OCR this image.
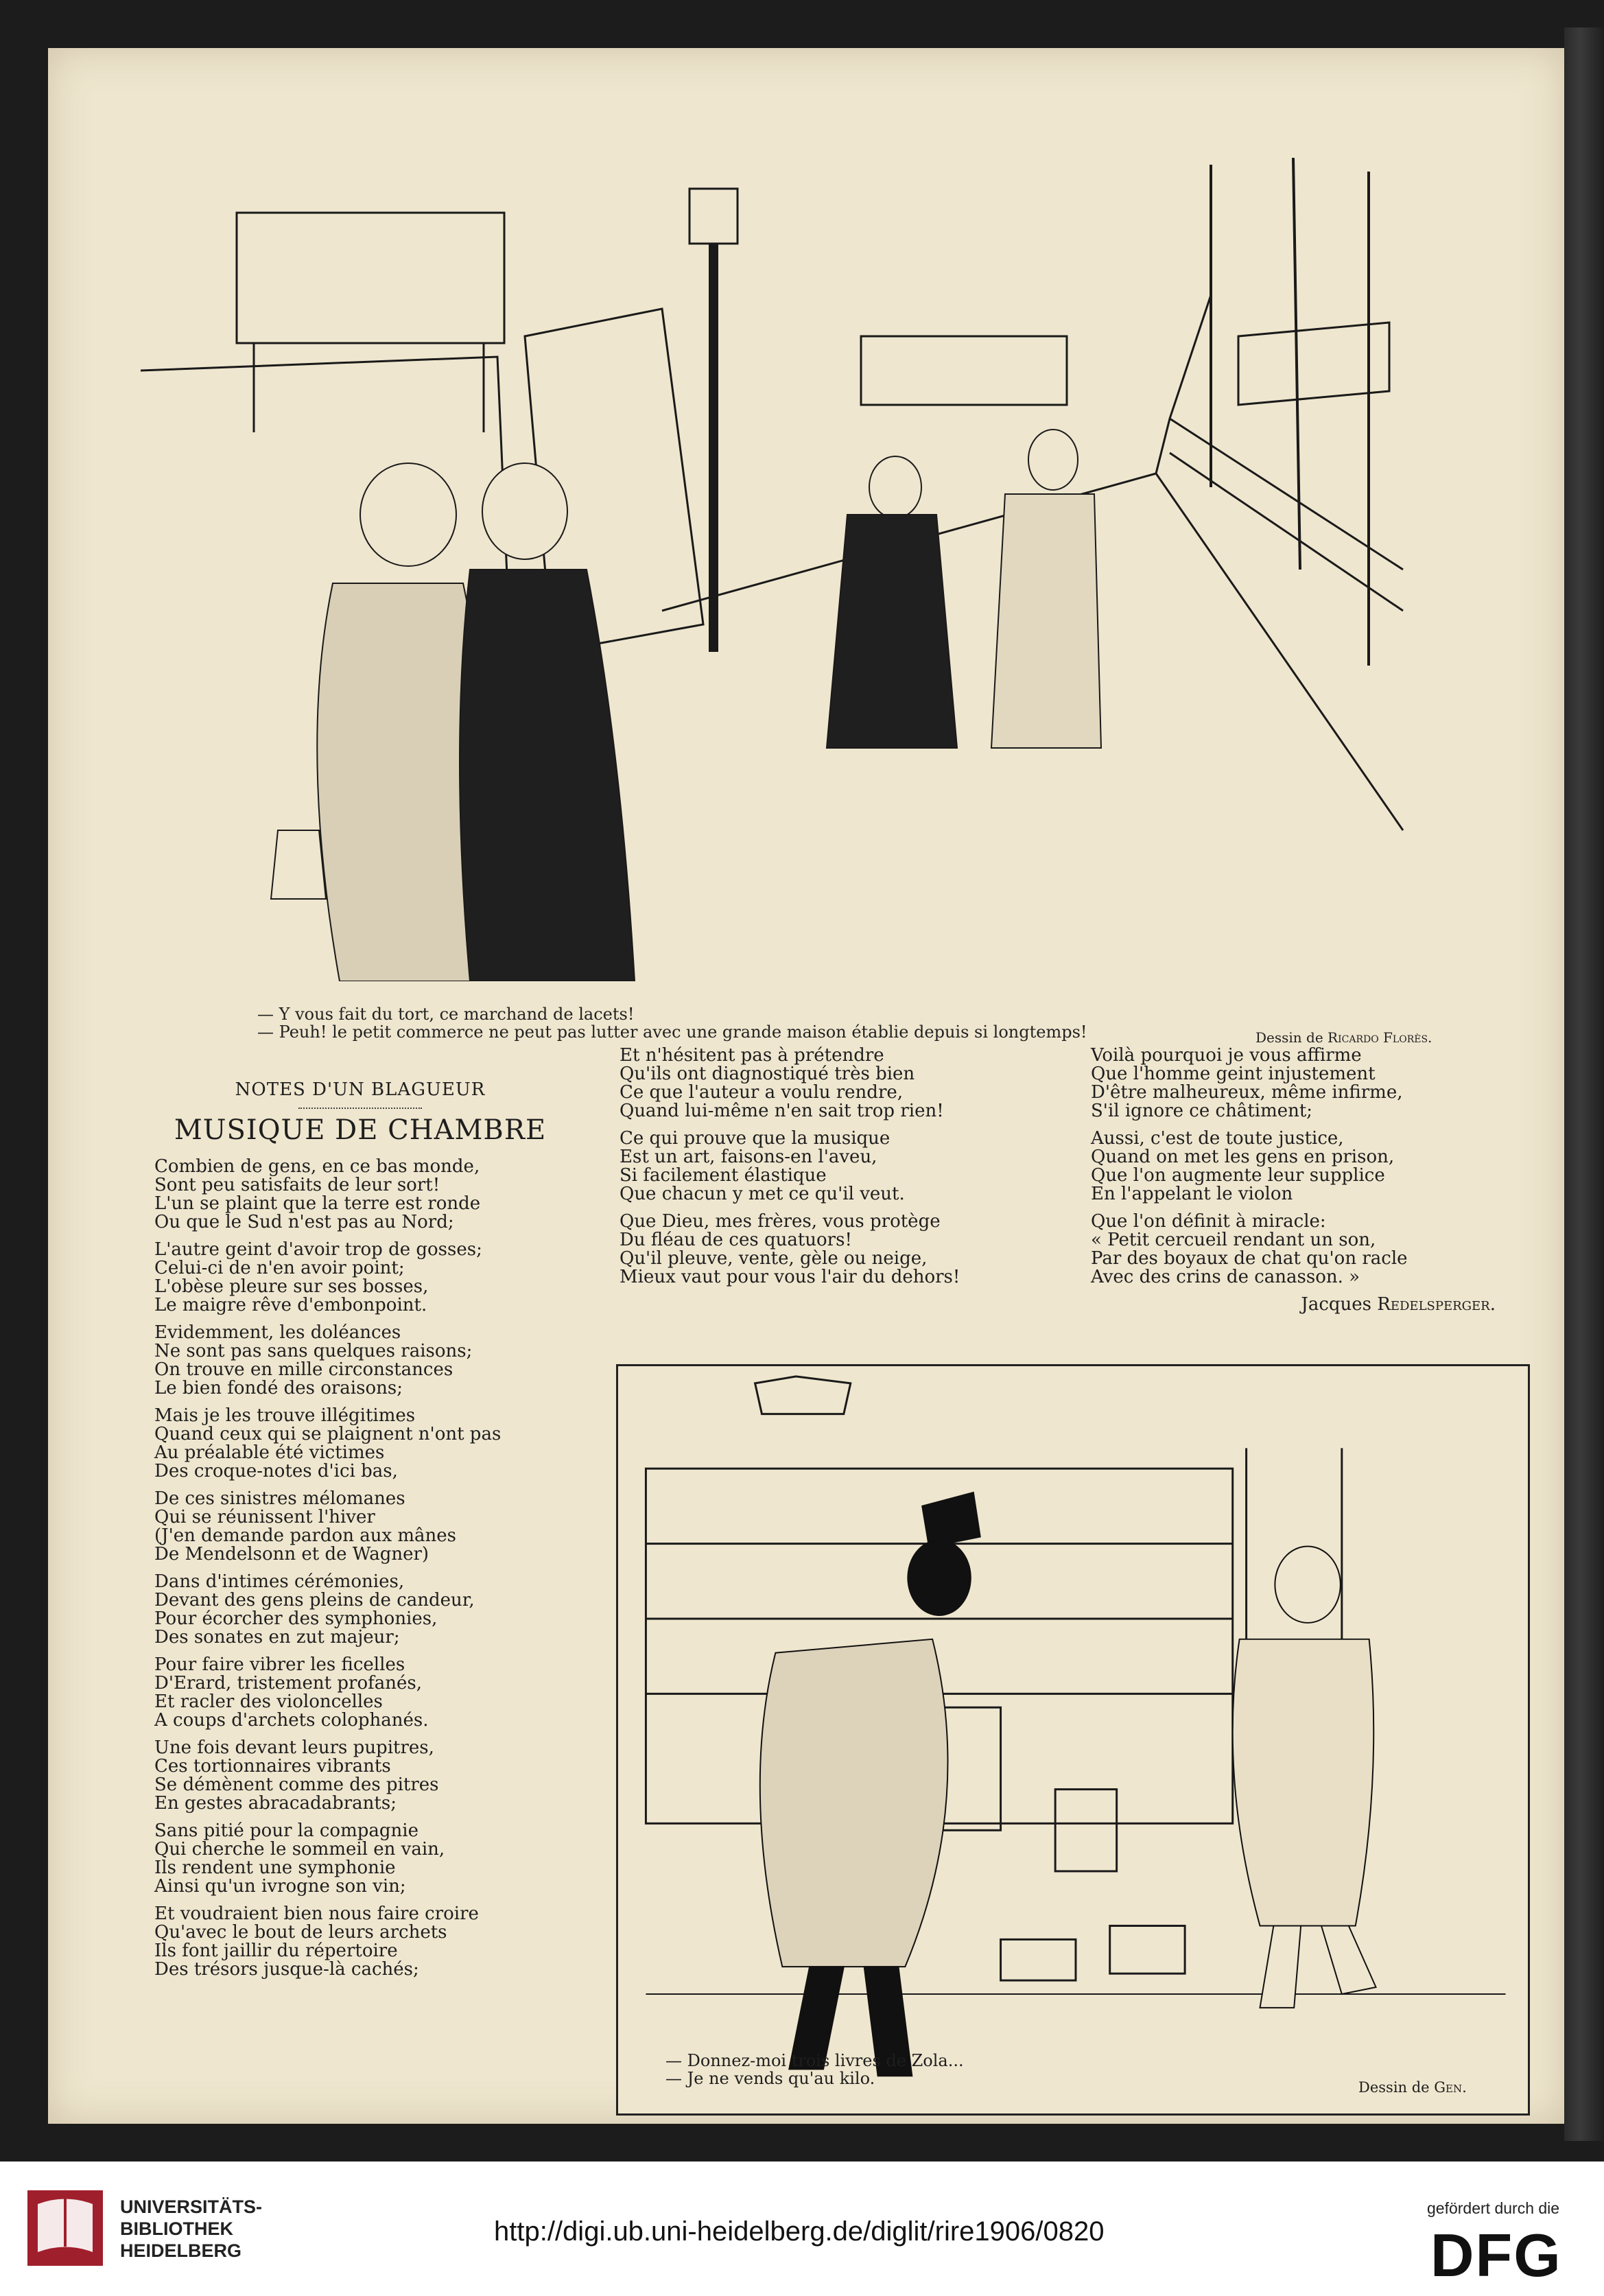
— Y vous fait du tort, ce marchand de lacets!
— Peuh! le petit commerce ne peut pas lutter avec une grande maison établie depuis si longtemps!	Dessin de Ricardo Florès.
NOTES D'UN BLAGUEUR
MUSIQUE DE CHAMBRE
Combien de gens, en ce bas monde,
Sont peu satisfaits de leur sort!
L'un se plaint que la terre est ronde
Ou que le Sud n'est pas au Nord;
L'autre geint d'avoir trop de gosses;
Celui-ci de n'en avoir point;
L'obèse pleure sur ses bosses,
Le maigre rêve d'embonpoint.
Evidemment, les doléances
Ne sont pas sans quelques raisons;
On trouve en mille circonstances
Le bien fondé des oraisons;
Mais je les trouve illégitimes
Quand ceux qui se plaignent n'ont pas
Au préalable été victimes
Des croque-notes d'ici bas,
De ces sinistres mélomanes
Qui se réunissent l'hiver
(J'en demande pardon aux mânes
De Mendelsonn et de Wagner)
Dans d'intimes cérémonies,
Devant des gens pleins de candeur,
Pour écorcher des symphonies,
Des sonates en zut majeur;
Pour faire vibrer les ficelles
D'Erard, tristement profanés,
Et racler des violoncelles
A coups d'archets colophanés.
Une fois devant leurs pupitres,
Ces tortionnaires vibrants
Se démènent comme des pitres
En gestes abracadabrants;
Sans pitié pour la compagnie
Qui cherche le sommeil en vain,
Ils rendent une symphonie
Ainsi qu'un ivrogne son vin;
Et voudraient bien nous faire croire
Qu'avec le bout de leurs archets
Ils font jaillir du répertoire
Des trésors jusque-là cachés;
Et n'hésitent pas à prétendre
Qu'ils ont diagnostiqué très bien
Ce que l'auteur a voulu rendre,
Quand lui-même n'en sait trop rien!
Ce qui prouve que la musique
Est un art, faisons-en l'aveu,
Si facilement élastique
Que chacun y met ce qu'il veut.
Que Dieu, mes frères, vous protège
Du fléau de ces quatuors!
Qu'il pleuve, vente, gèle ou neige,
Mieux vaut pour vous l'air du dehors!
Voilà pourquoi je vous affirme
Que l'homme geint injustement
D'être malheureux, même infirme,
S'il ignore ce châtiment;
Aussi, c'est de toute justice,
Quand on met les gens en prison,
Que l'on augmente leur supplice
En l'appelant le violon
Que l'on définit à miracle:
« Petit cercueil rendant un son,
Par des boyaux de chat qu'on racle
Avec des crins de canasson. »
Jacques Redelsperger.
— Donnez-moi trois livres de Zola...
— Je ne vends qu'au kilo.	Dessin de Gen.
UNIVERSITÄTS-
BIBLIOTHEK
HEIDELBERG
http://digi.ub.uni-heidelberg.de/diglit/rire1906/0820
gefördert durch die
DFG
